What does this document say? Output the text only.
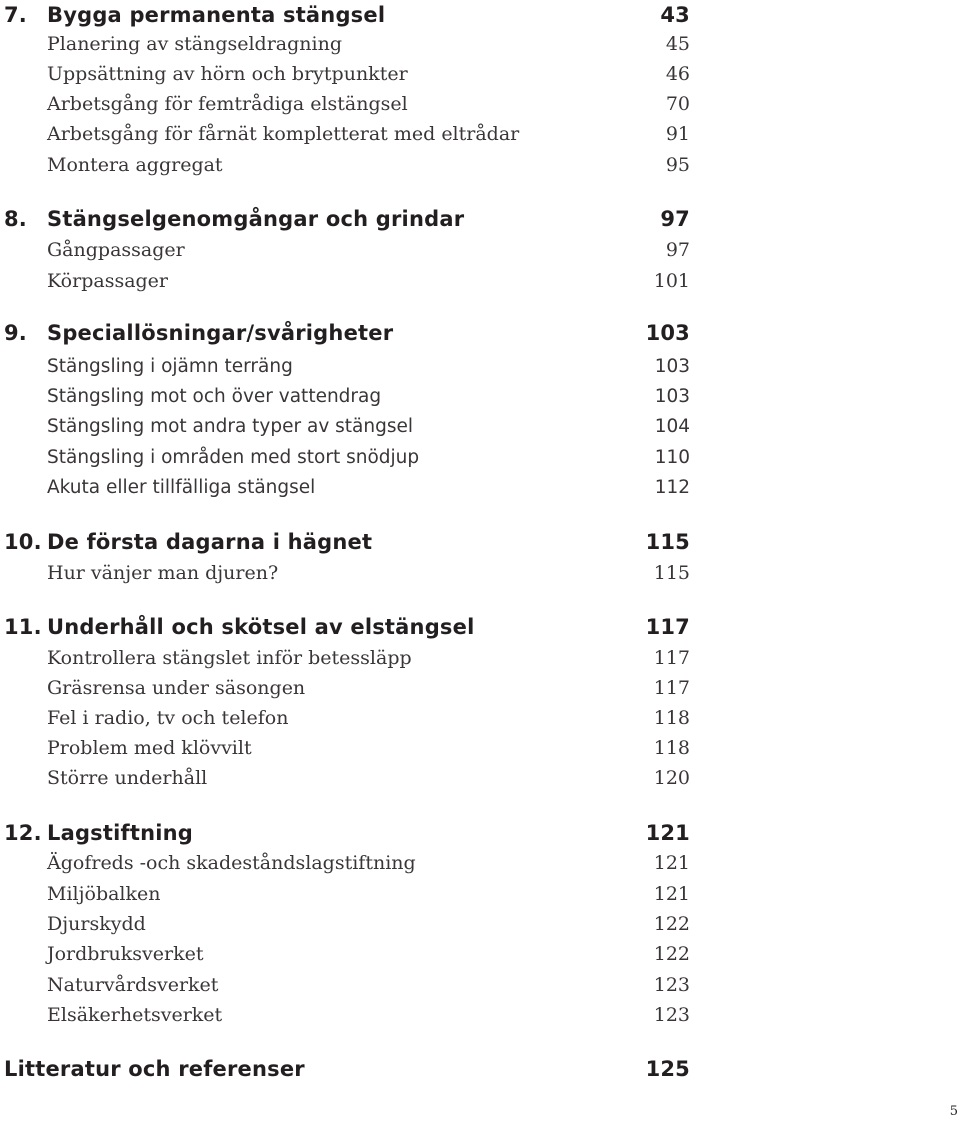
7. Bygga permanenta stängsel	43
Planering av stängseldragning	45
Uppsättning av hörn och brytpunkter	46
Arbetsgång för femtrådiga elstängsel	70
Arbetsgång för fårnät kompletterat med eltrådar	91
Montera aggregat	95
8. Stängselgenomgångar och grindar	97
Gångpassager	97
Körpassager	101
9. Speciallösningar/svårigheter	103
Stängsling i ojämn terräng	103
Stängsling mot och över vattendrag	103
Stängsling mot andra typer av stängsel	104
Stängsling i områden med stort snödjup	110
Akuta eller tillfälliga stängsel	112
10. De första dagarna i hägnet	115
Hur vänjer man djuren?	115
11. Underhåll och skötsel av elstängsel	117
Kontrollera stängslet inför betessläpp	117
Gräsrensa under säsongen	117
Fel i radio, tv och telefon	118
Problem med klövvilt	118
Större underhåll	120
12. Lagstiftning	121
Ägofreds -och skadeståndslagstiftning	121
Miljöbalken	121
Djurskydd	122
Jordbruksverket	122
Naturvårdsverket	123
Elsäkerhetsverket	123
Litteratur och referenser	125
5
